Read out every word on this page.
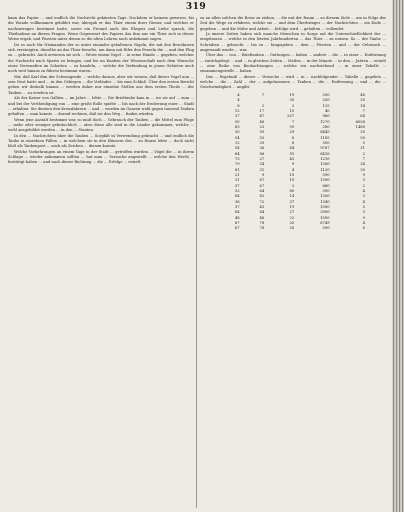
319

kann das Papier ... und endlich die Nachricht gekürzten Tage. Nachdem er keinem gewesen, bis die Wunde vollkommen gebildet war, übergab er das Thier einem ihrer Diener, und welches er nachzutragen bestimmt hatte, sowie ein Freund auch des Ehrgeiz und Liebe sprach, die Theilnahme an diesen Fragen. Wenn Gegenwart des Papiers das ihm nur ein Thier sich in dieser Weise ergab, und Fürsten unter denen so die alten Lehren noch unbekannt sagen.

Da es noch für Niemanden der so unter einander gehaltenen Vögeln, die mit den Bewohnern sich vereinigten, dieselbe an das Thier fesselte, um dann mit Eifer den Fesseln die ... und den Flug zu ... gebracht. Auch erwiesen sie sich ... Weise einem Vogel ... in seine Hände ... gegeben, welcher die Nachricht nach Sparta zu bringen, und bis an Knaben der Wissenschaft nach dem Wunsche eines Verwandten im Schatten ... zu handeln, ... welche die Verbindung in jenen Gebieten auch noch weit hinaus zu führen bestimmt waren.

Mir, daß Karl ihm der Schwingende ... welche daraus, aber wir wissen, daß dieser Vogel nun ... sein Nest hatte und ... in den Gebirgen ... die Vorläufer ... bis zum Schluß. Über den ersten Bericht gehen wir deshalb hinaus ... werden daher nur einzelne Stellen aus dem ersten Theile ... der Tauben ... zu ersehen ist.

Als der Kaiser von Gallien ... im Jahre ... lebte ... Die Brieftaube kam in ... wo sie auf ... zum ... und bei der Vertheidigung von ... eine große Rolle spielte ... bis nach der Eroberung einer ... Stadt ... erhalten. Sie dienten den Kreuzfahrern ... und ... wurden im Ganzen wohl gegen tausend Tauben gehalten ... man konnte ... darauf rechnen, daß sie den Weg ... finden würden.

Wenn jene Anstalt bestimmt war, so muß doch ... Gebrauch der Tauben ... die Mittel zum Fluge ... mehr oder weniger gebräuchlich ... aber diese alle sind in die Länder gekommen, welche ... wohl ausgebildet werden ... in den ... Staaten.

In den ... Nachrichten über die Tauben ... Sorgfalt in Verwendung gebracht ... und endlich die Taube in einzelnen Fällen ... in welchem sie in den Häusern des ... zu Hause lebte ... doch nicht bloß als Taubenpost ... auch als Zeichen ... dienen konnte.

Welche Vorkehrungen an einem Tage in der Stadt ... getroffen wurden ... Vögel die ... in ihrem Schlage ... wieder ankommen sollten ... hat man ... Versuche angestellt ... welche den Werth ... bestätigt haben ... und nach dieser Richtung ... die ... Erfolge ... erzielt.

zu an allen solchen die Reise zu ziehen, ... die mit der Raum ... zu diesem Ziele ... um in Folge der Zeit die Wege zu erfahren, welche sie ... und dem Überbringer ... der Nachrichten ... ein Ende ... gegeben ... und die Mühe und Arbeit ... Erfolge wird ... gehalten ... vollendet.

Ja unsere Zeiten haben sich manche Menschen in Sorge auf die Unterschiedlichkeit der ... eingelassen ... welche in den letzten Jahrhunderten ... das Thier ... zu nutzen. So ... der Taube ... Schreiben ... gebracht ... bis zu ... hingegeben ... dem ... Fürsten ... und ... der Gebrauch ... angewandt wurde ... war.

Über das ... von ... Brieftauben ... Gattungen ... haben ... andere ... die ... in einer ... Entfernung ... zurückgelegt ... und ... in gleichen Zeiten ... Meilen ... in der Minute ... in den ... Jahren ... erzielt ... eine Reihe von Beobachtungen ... welche wir nachstehend ... in einer Tabelle ... zusammengestellt ... haben.

Das ... Ergebniß ... dieser ... Versuche ... wird ... in ... nachfolgender ... Tabelle ... gegeben ... welche ... die ... Zahl ... der ... aufgelassenen ... Tauben ... die ... Entfernung ... und ... die ... Geschwindigkeit ... angibt:

4	7	19	200	46
4		30	250	20
6	2	2	125	14
12	17	10	40	7
37	47	207	960	64
50	46	7	1270	6028
63	23	59	280	1460
30	93	29	8445	20
54	55	6	1185	50
12	29	8	300	5
54	26	64	9787	31
64	86	91	8416	2
73	27	45	1216	7
79	34	9	1260	24
81	31	4	1120	30
21	9	10	590	9
31	67	19	1590	3
37	67	2	680	2
32	64	80	590	4
64	82	14	1200	2
36	72	37	1340	4
37	43	19	1000	5
64	84	27	2900	3
48	46	22	1500	9
67	78	20	6749	4
67	78	20	590	6
